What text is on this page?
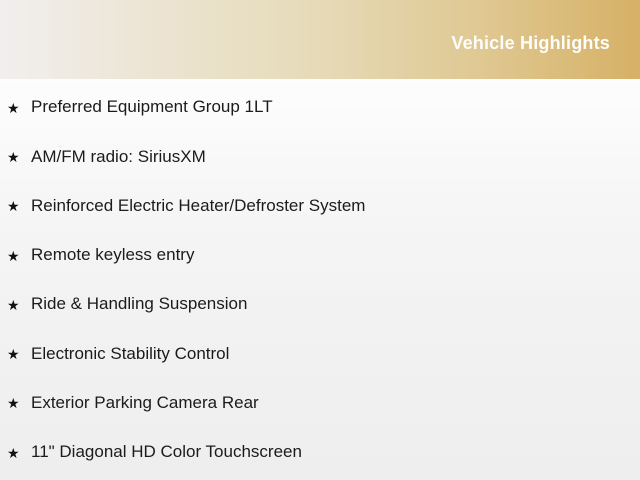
Vehicle Highlights
★ Preferred Equipment Group 1LT
★ AM/FM radio: SiriusXM
★ Reinforced Electric Heater/Defroster System
★ Remote keyless entry
★ Ride & Handling Suspension
★ Electronic Stability Control
★ Exterior Parking Camera Rear
★ 11" Diagonal HD Color Touchscreen
